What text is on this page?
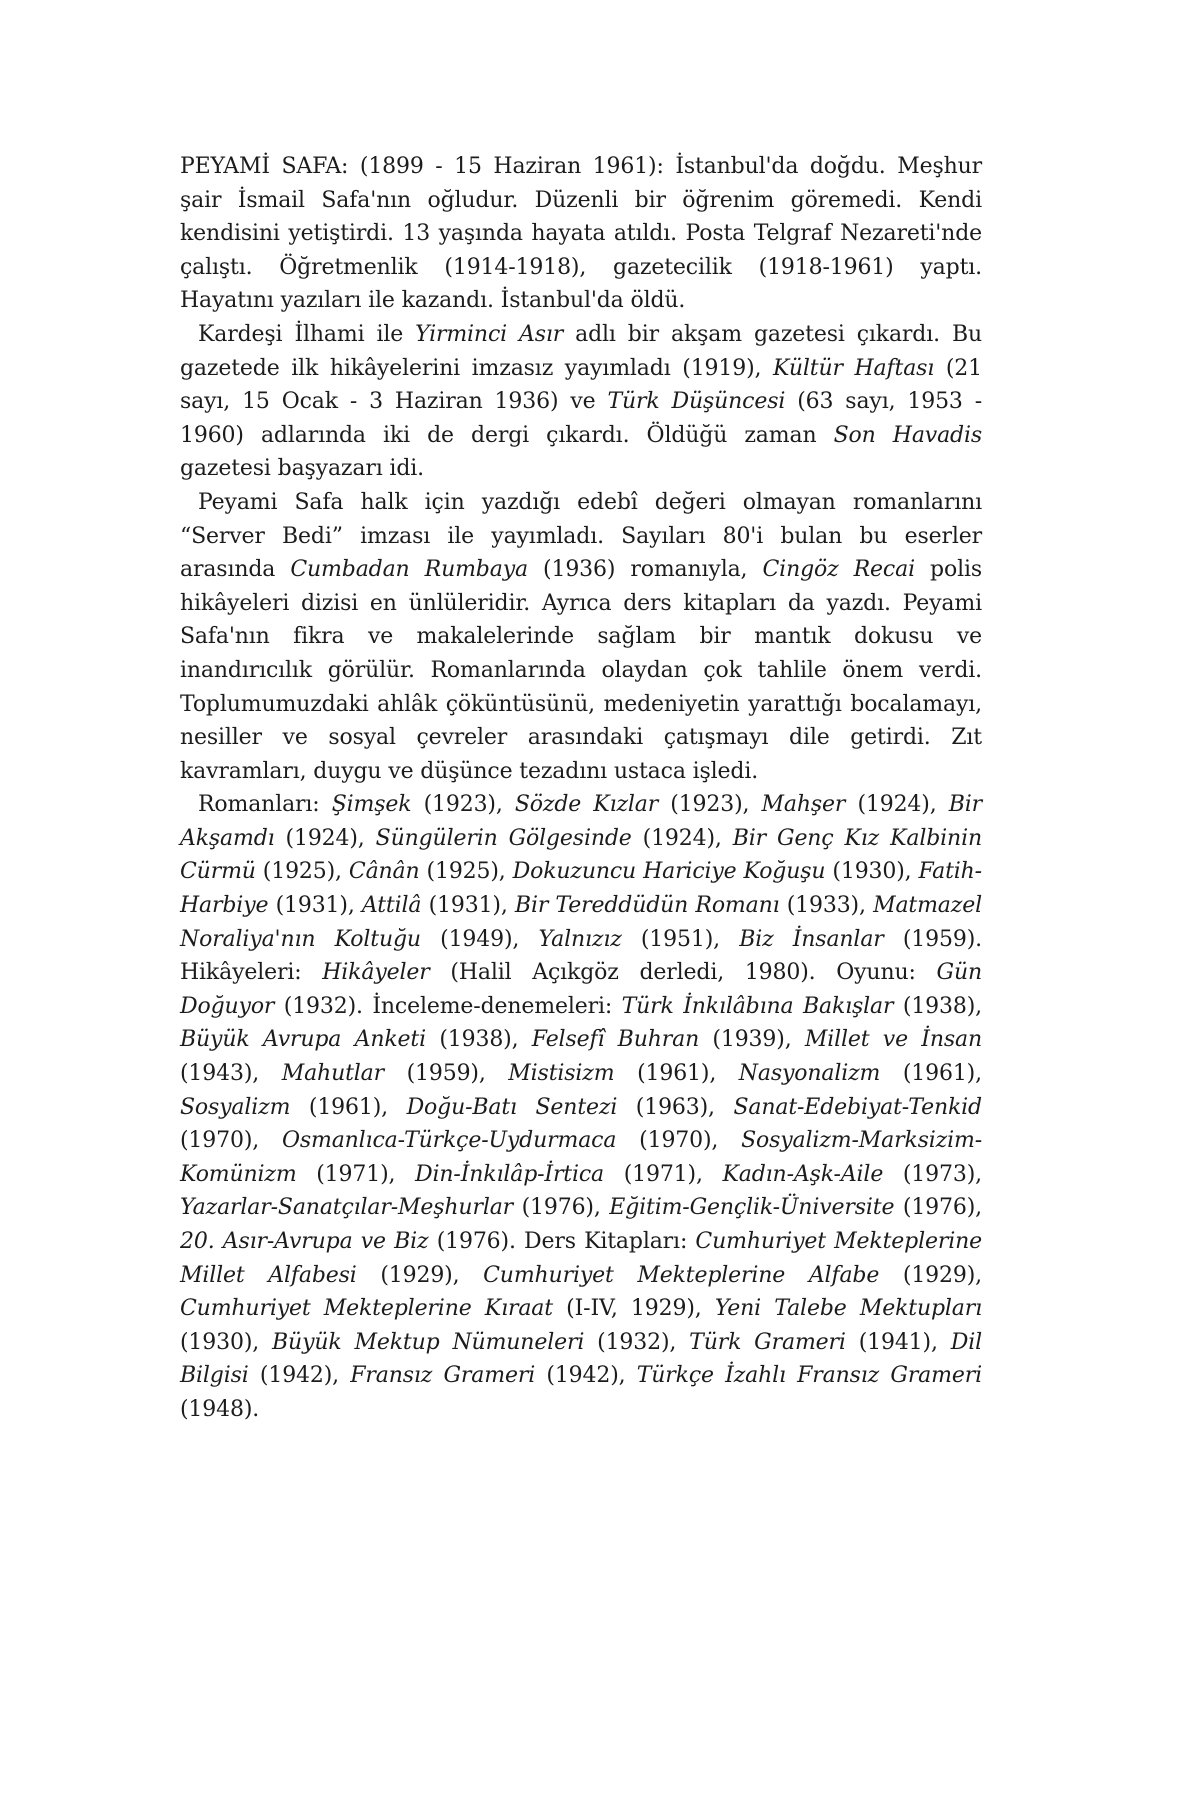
PEYAMİ SAFA: (1899 - 15 Haziran 1961): İstanbul'da doğdu. Meşhur şair İsmail Safa'nın oğludur. Düzenli bir öğrenim göremedi. Kendi kendisini yetiştirdi. 13 yaşında hayata atıldı. Posta Telgraf Nezareti'nde çalıştı. Öğretmenlik (1914-1918), gazetecilik (1918-1961) yaptı. Hayatını yazıları ile kazandı. İstanbul'da öldü.

Kardeşi İlhami ile Yirminci Asır adlı bir akşam gazetesi çıkardı. Bu gazetede ilk hikâyelerini imzasız yayımladı (1919), Kültür Haftası (21 sayı, 15 Ocak - 3 Haziran 1936) ve Türk Düşüncesi (63 sayı, 1953 - 1960) adlarında iki de dergi çıkardı. Öldüğü zaman Son Havadis gazetesi başyazarı idi.

Peyami Safa halk için yazdığı edebî değeri olmayan romanlarını “Server Bedi” imzası ile yayımladı. Sayıları 80'i bulan bu eserler arasında Cumbadan Rumbaya (1936) romanıyla, Cingöz Recai polis hikâyeleri dizisi en ünlüleridir. Ayrıca ders kitapları da yazdı. Peyami Safa'nın fikra ve makalelerinde sağlam bir mantık dokusu ve inandırıcılık görülür. Romanlarında olaydan çok tahlile önem verdi. Toplumumuzdaki ahlâk çöküntüsünü, medeniyetin yarattığı bocalamayı, nesiller ve sosyal çevreler arasındaki çatışmayı dile getirdi. Zıt kavramları, duygu ve düşünce tezadını ustaca işledi.

Romanları: Şimşek (1923), Sözde Kızlar (1923), Mahşer (1924), Bir Akşamdı (1924), Süngülerin Gölgesinde (1924), Bir Genç Kız Kalbinin Cürmü (1925), Cânân (1925), Dokuzuncu Hariciye Koğuşu (1930), Fatih-Harbiye (1931), Attilâ (1931), Bir Tereddüdün Romanı (1933), Matmazel Noraliya'nın Koltuğu (1949), Yalnızız (1951), Biz İnsanlar (1959). Hikâyeleri: Hikâyeler (Halil Açıkgöz derledi, 1980). Oyunu: Gün Doğuyor (1932). İnceleme-denemeleri: Türk İnkılâbına Bakışlar (1938), Büyük Avrupa Anketi (1938), Felsefî Buhran (1939), Millet ve İnsan (1943), Mahutlar (1959), Mistisizm (1961), Nasyonalizm (1961), Sosyalizm (1961), Doğu-Batı Sentezi (1963), Sanat-Edebiyat-Tenkid (1970), Osmanlıca-Türkçe-Uydurmaca (1970), Sosyalizm-Marksizim-Komünizm (1971), Din-İnkılâp-İrtica (1971), Kadın-Aşk-Aile (1973), Yazarlar-Sanatçılar-Meşhurlar (1976), Eğitim-Gençlik-Üniversite (1976), 20. Asır-Avrupa ve Biz (1976). Ders Kitapları: Cumhuriyet Mekteplerine Millet Alfabesi (1929), Cumhuriyet Mekteplerine Alfabe (1929), Cumhuriyet Mekteplerine Kıraat (I-IV, 1929), Yeni Talebe Mektupları (1930), Büyük Mektup Nümuneleri (1932), Türk Grameri (1941), Dil Bilgisi (1942), Fransız Grameri (1942), Türkçe İzahlı Fransız Grameri (1948).
